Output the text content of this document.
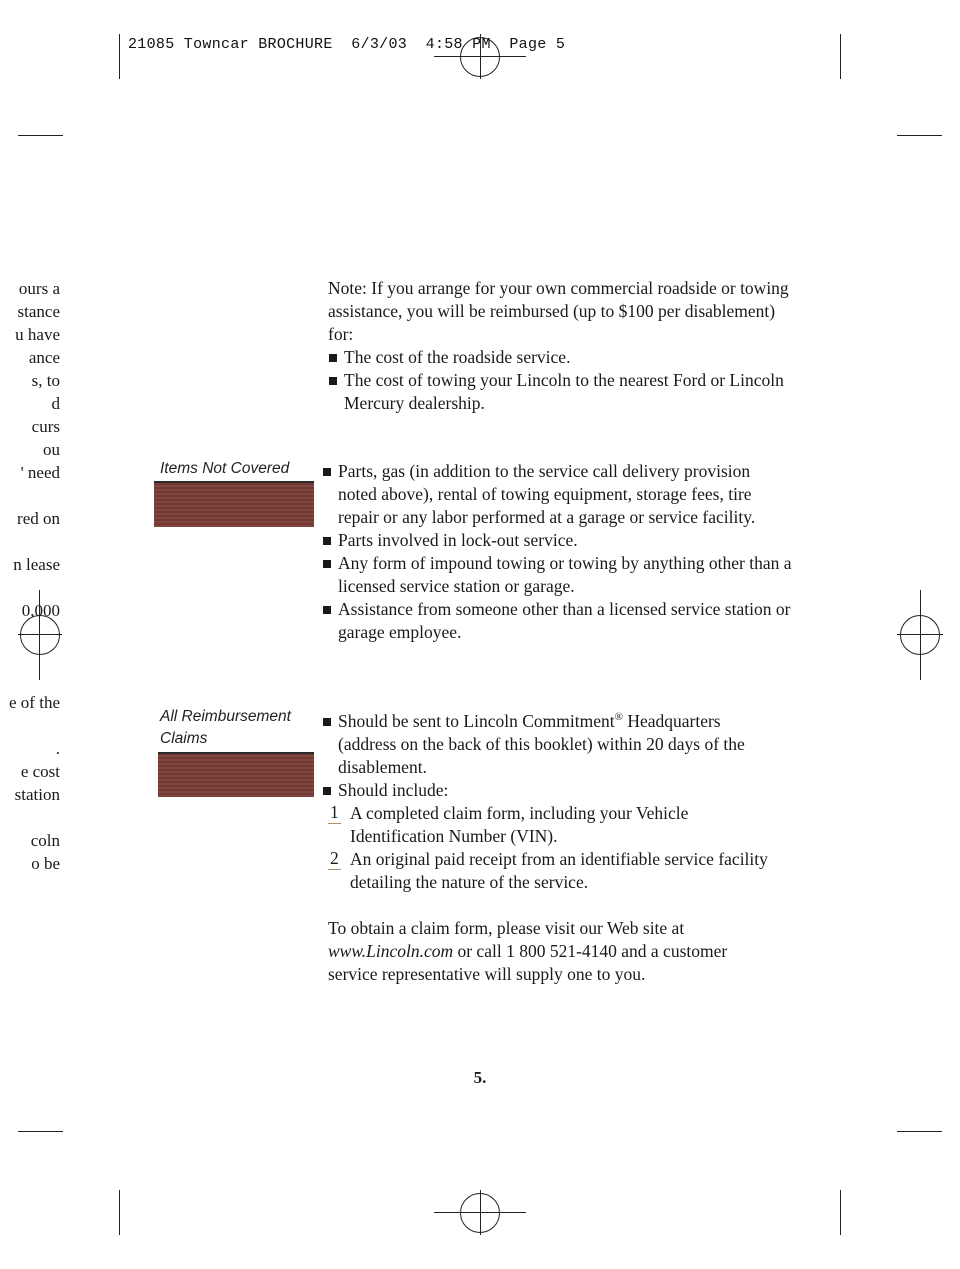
21085 Towncar BROCHURE  6/3/03  4:58 PM  Page 5
ours a
stance
u have
ance
s, to
d
curs
ou
' need
red on
n lease
0,000
e of the
.
e cost
station
coln
o be
Note: If you arrange for your own commercial roadside or towing assistance, you will be reimbursed (up to $100 per disablement) for:
The cost of the roadside service.
The cost of towing your Lincoln to the nearest Ford or Lincoln Mercury dealership.
Items Not Covered	Parts, gas (in addition to the service call delivery provision noted above), rental of towing equipment, storage fees, tire repair or any labor performed at a garage or service facility.
Parts involved in lock-out service.
Any form of impound towing or towing by anything other than a licensed service station or garage.
Assistance from someone other than a licensed service station or garage employee.
All Reimbursement
Claims
Should be sent to Lincoln Commitment® Headquarters (address on the back of this booklet) within 20 days of the disablement.
Should include:
1 A completed claim form, including your Vehicle Identification Number (VIN).
2 An original paid receipt from an identifiable service facility detailing the nature of the service.
To obtain a claim form, please visit our Web site at www.Lincoln.com or call 1 800 521-4140 and a customer service representative will supply one to you.
5.
